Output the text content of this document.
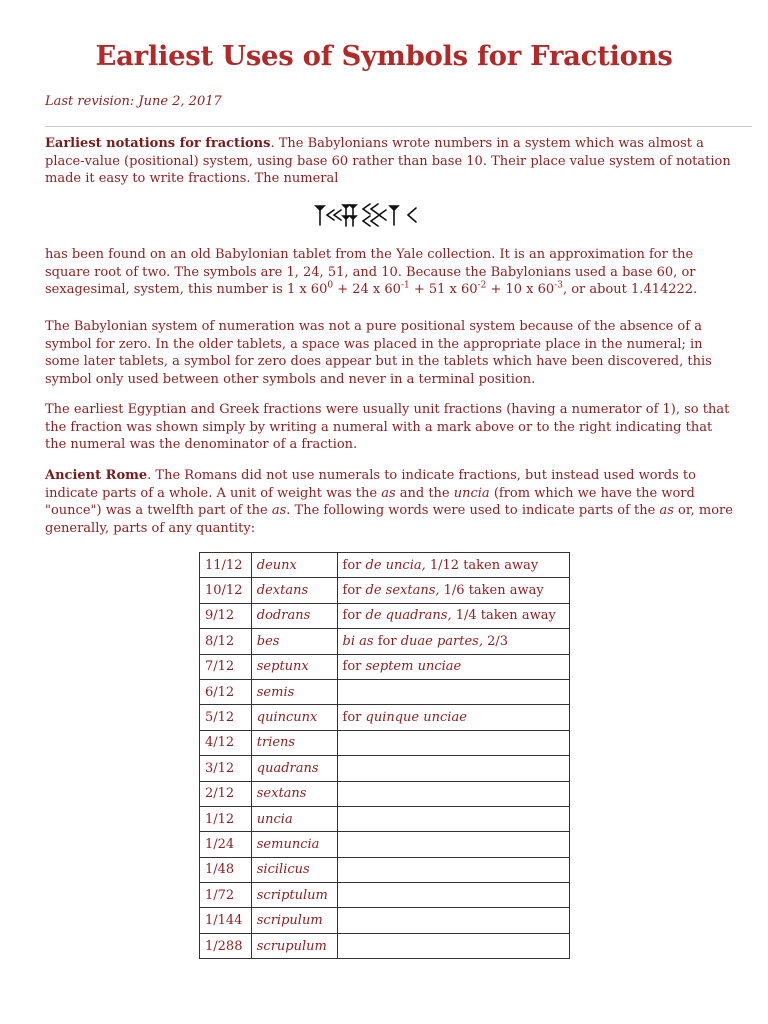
Earliest Uses of Symbols for Fractions

Last revision: June 2, 2017

Earliest notations for fractions. The Babylonians wrote numbers in a system which was almost a place-value (positional) system, using base 60 rather than base 10. Their place value system of notation made it easy to write fractions. The numeral

has been found on an old Babylonian tablet from the Yale collection. It is an approximation for the square root of two. The symbols are 1, 24, 51, and 10. Because the Babylonians used a base 60, or sexagesimal, system, this number is 1 x $60^0 + 24$ x $60^{-1} + 51$ x $60^{-2} + 10$ x $60^{-3}$, or about 1.414222.

The Babylonian system of numeration was not a pure positional system because of the absence of a symbol for zero. In the older tablets, a space was placed in the appropriate place in the numeral; in some later tablets, a symbol for zero does appear but in the tablets which have been discovered, this symbol only used between other symbols and never in a terminal position.

The earliest Egyptian and Greek fractions were usually unit fractions (having a numerator of 1), so that the fraction was shown simply by writing a numeral with a mark above or to the right indicating that the numeral was the denominator of a fraction.

Ancient Rome. The Romans did not use numerals to indicate fractions, but instead used words to indicate parts of a whole. A unit of weight was the as and the uncia (from which we have the word "ounce") was a twelfth part of the as. The following words were used to indicate parts of the as or, more generally, parts of any quantity:

11/12	deunx	for de uncia, 1/12 taken away
10/12	dextans	for de sextans, 1/6 taken away
9/12	dodrans	for de quadrans, 1/4 taken away
8/12	bes	bi as for duae partes, 2/3
7/12	septunx	for septem unciae
6/12	semis	
5/12	quincunx	for quinque unciae
4/12	triens	
3/12	quadrans	
2/12	sextans	
1/12	uncia	
1/24	semuncia	
1/48	sicilicus	
1/72	scriptulum	
1/144	scripulum	
1/288	scrupulum	
